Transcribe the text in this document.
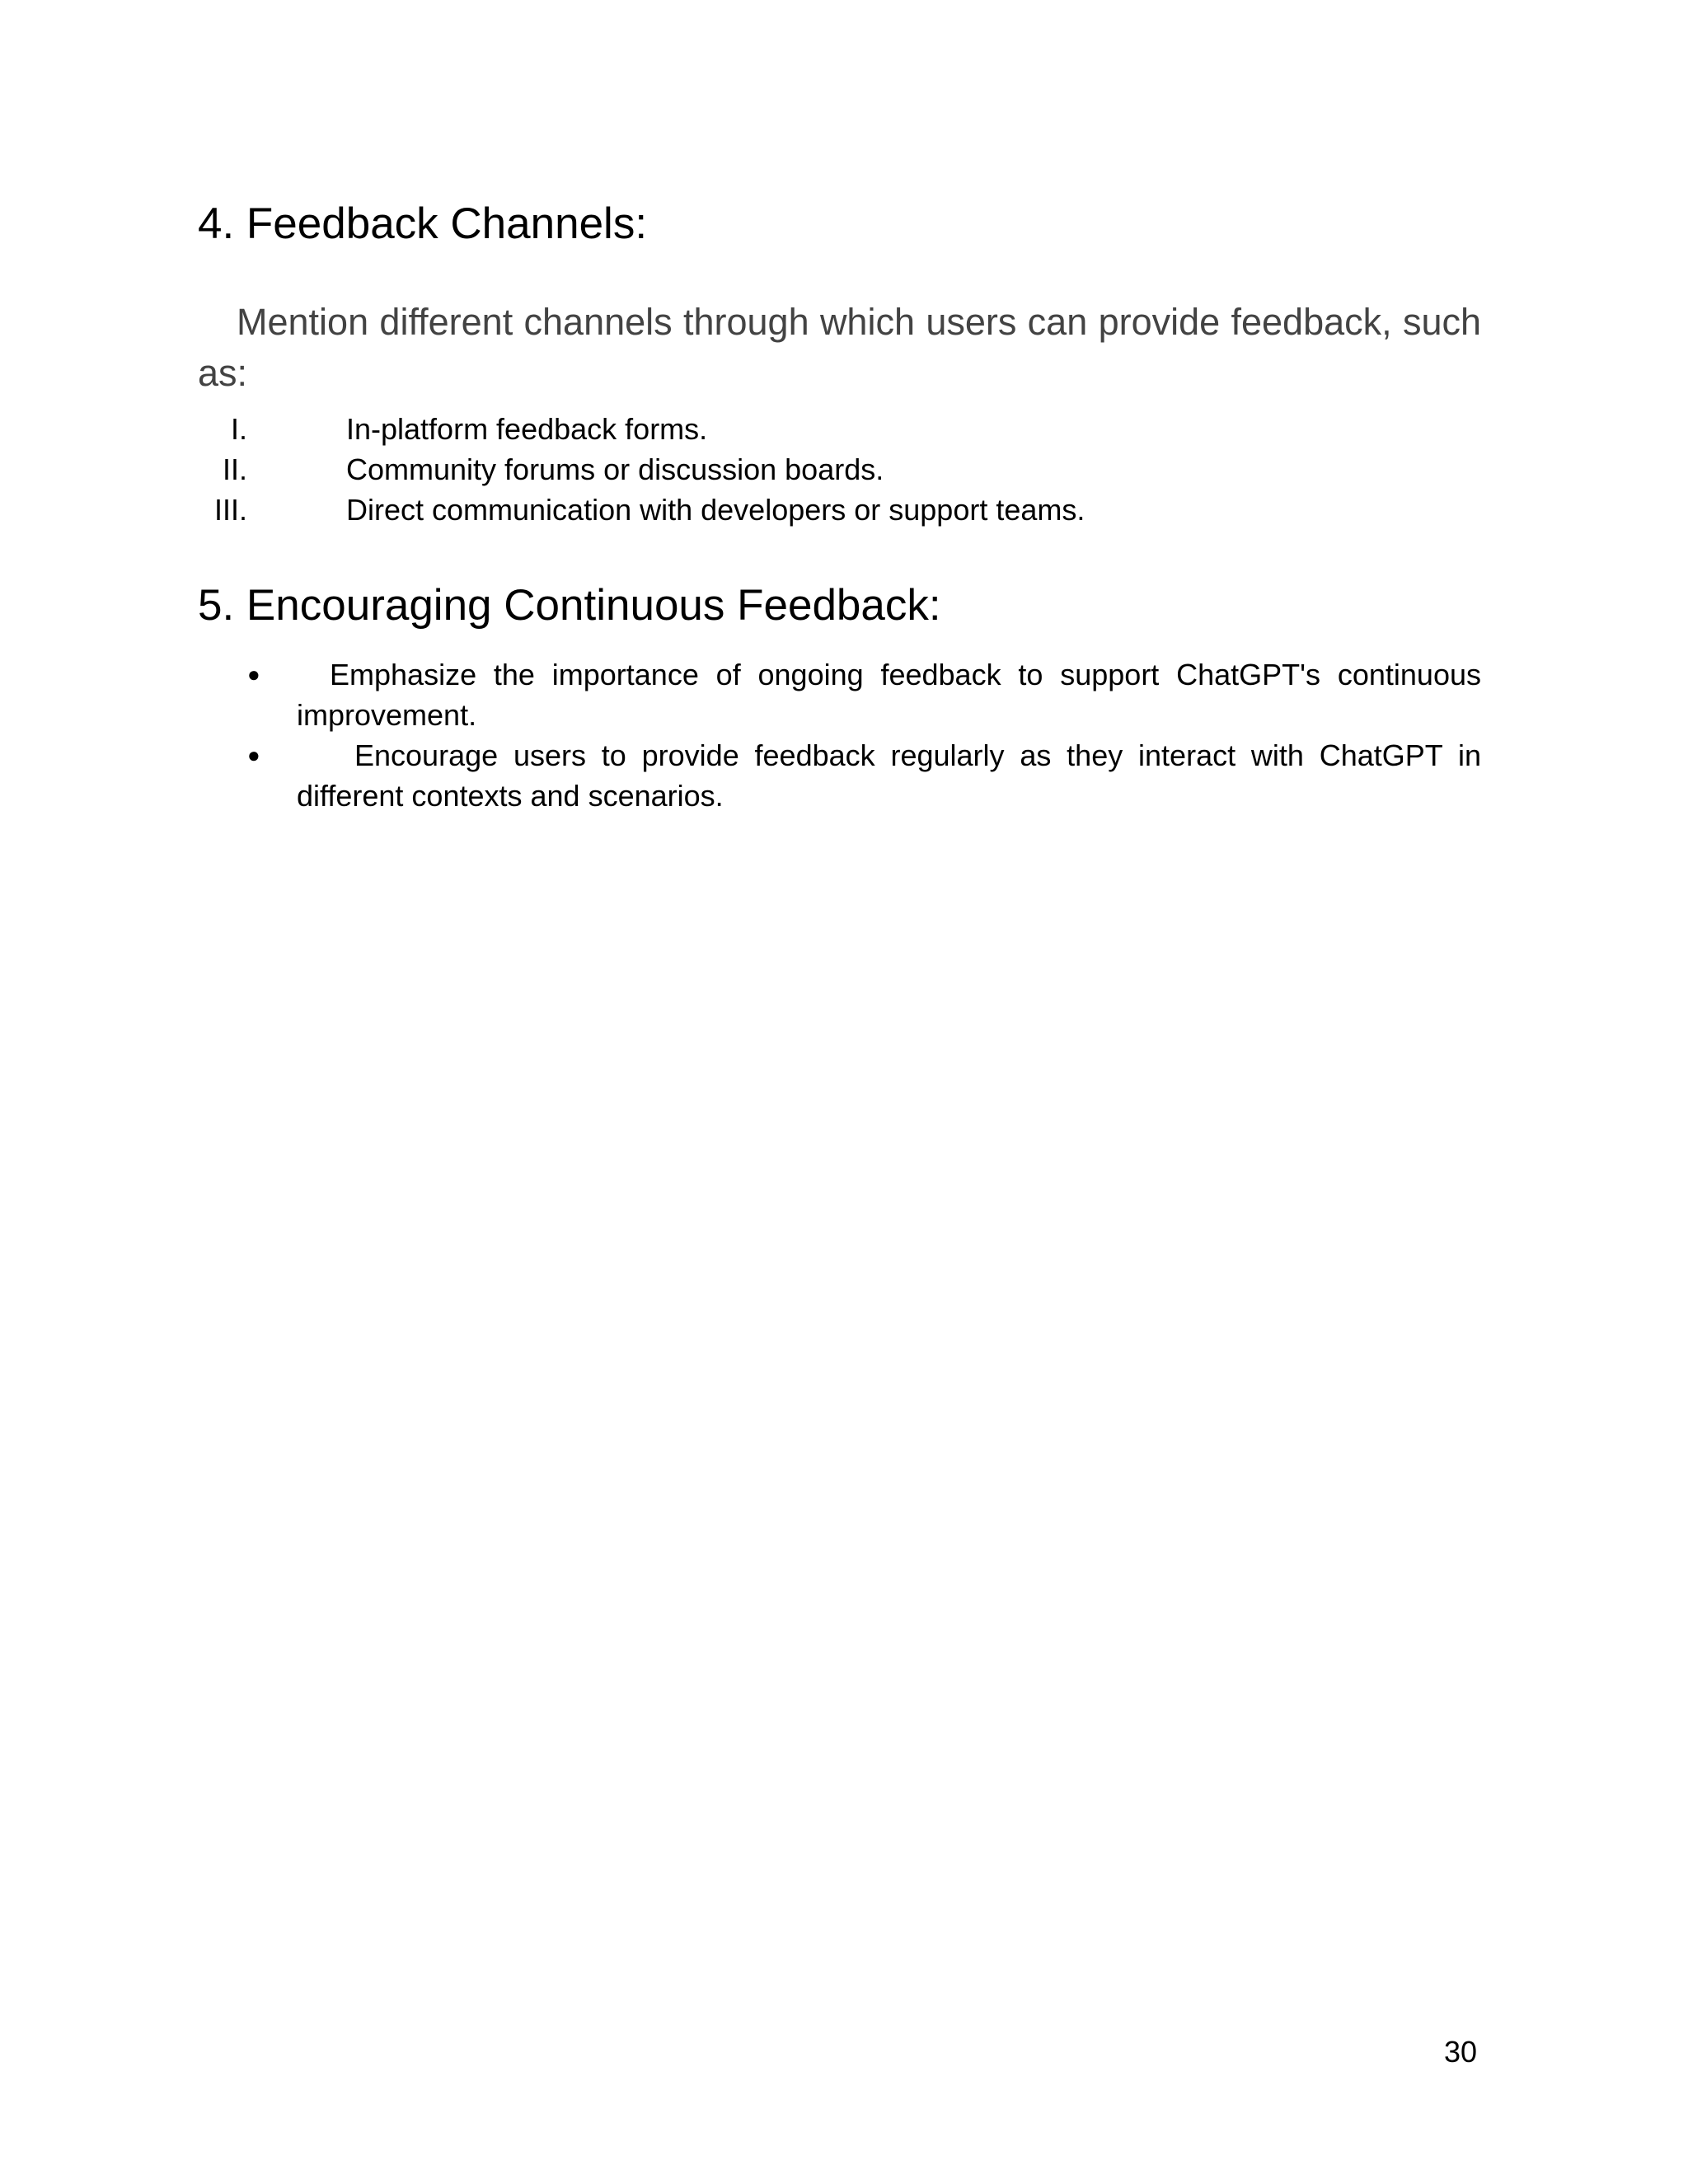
4. Feedback Channels:

Mention different channels through which users can provide feedback, such as:

I.	In-platform feedback forms.
II.	Community forums or discussion boards.
III.	Direct communication with developers or support teams.
5. Encouraging Continuous Feedback:
●	Emphasize the importance of ongoing feedback to support ChatGPT's continuous improvement.
●	Encourage users to provide feedback regularly as they interact with ChatGPT in different contexts and scenarios.
30
